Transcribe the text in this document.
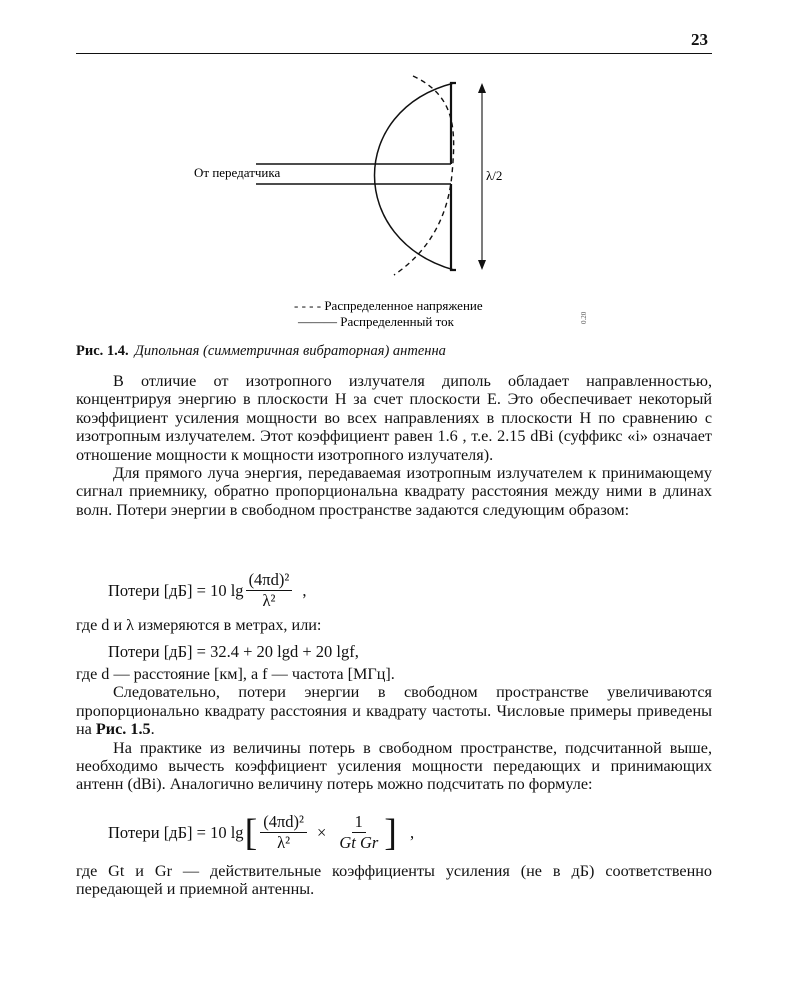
23
λ/2
От передатчика
- - - - Распределенное напряжение
——— Распределенный ток	0.20
Рис. 1.4. Дипольная (симметричная вибраторная) антенна

В отличие от изотропного излучателя диполь обладает направленностью, концентрируя энергию в плоскости H за счет плоскости E. Это обеспечивает некоторый коэффициент усиления мощности во всех направлениях в плоскости H по сравнению с изотропным излучателем. Этот коэффициент равен 1.6 , т.е. 2.15 dBi (суффикс «i» означает отношение мощности к мощности изотропного излучателя).

Для прямого луча энергия, передаваемая изотропным излучателем к принимающему сигнал приемнику, обратно пропорциональна квадрату расстояния между ними в длинах волн. Потери энергии в свободном пространстве задаются следующим образом:

Потери [дБ] = 10 $\lg \frac{\text{(4πd)²}}{\text{λ²}}$ ,

где d и λ измеряются в метрах, или:

Потери [дБ] = 32.4 + 20 lgd + 20 lgf,

где d — расстояние [км], а f — частота [МГц].

Следовательно, потери энергии в свободном пространстве увеличиваются пропорционально квадрату расстояния и квадрату частоты. Числовые примеры приведены на Рис. 1.5.

На практике из величины потерь в свободном пространстве, подсчитанной выше, необходимо вычесть коэффициент усиления мощности передающих и принимающих антенн (dBi). Аналогично величину потерь можно подсчитать по формуле:

Потери [дБ] = 10 lg [ $\frac{\text{(4πd)²}}{\text{λ²}} \times \frac{1}{\text{Gt Gr}}$ ] ,

где Gt и Gr — действительные коэффициенты усиления (не в дБ) соответственно передающей и приемной антенны.
